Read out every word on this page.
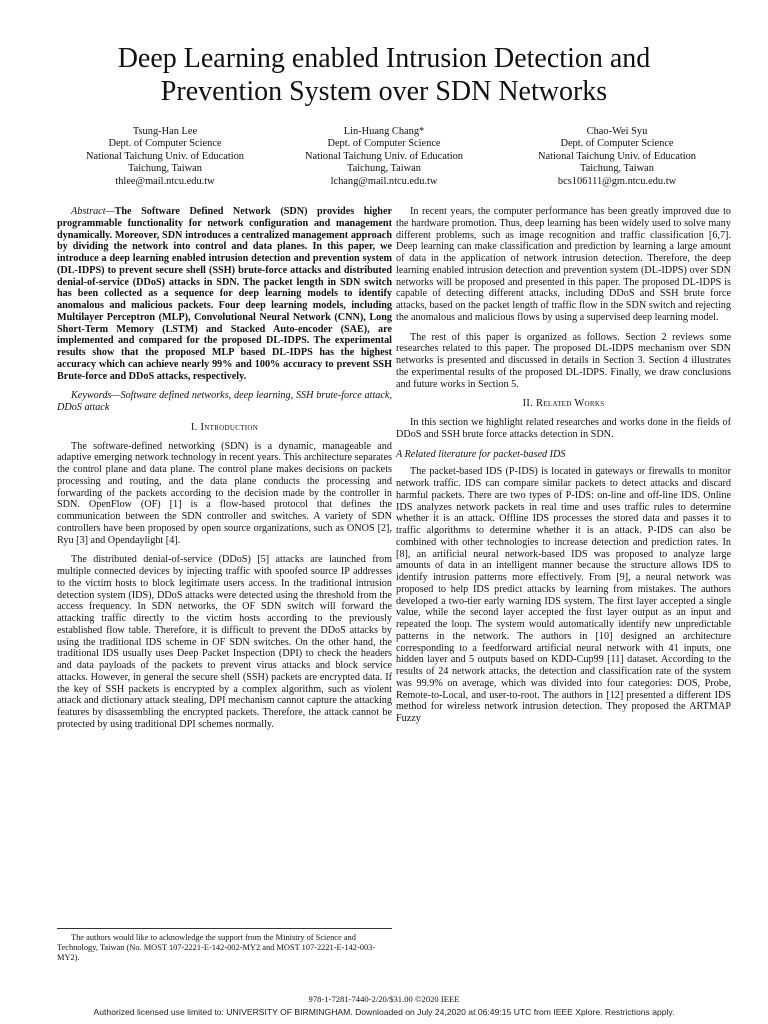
Deep Learning enabled Intrusion Detection and
Prevention System over SDN Networks
Tsung-Han Lee
Dept. of Computer Science
National Taichung Univ. of Education
Taichung, Taiwan
thlee@mail.ntcu.edu.tw
Lin-Huang Chang*
Dept. of Computer Science
National Taichung Univ. of Education
Taichung, Taiwan
lchang@mail.ntcu.edu.tw
Chao-Wei Syu
Dept. of Computer Science
National Taichung Univ. of Education
Taichung, Taiwan
bcs106111@gm.ntcu.edu.tw

Abstract—The Software Defined Network (SDN) provides higher programmable functionality for network configuration and management dynamically. Moreover, SDN introduces a centralized management approach by dividing the network into control and data planes. In this paper, we introduce a deep learning enabled intrusion detection and prevention system (DL-IDPS) to prevent secure shell (SSH) brute-force attacks and distributed denial-of-service (DDoS) attacks in SDN. The packet length in SDN switch has been collected as a sequence for deep learning models to identify anomalous and malicious packets. Four deep learning models, including Multilayer Perceptron (MLP), Convolutional Neural Network (CNN), Long Short-Term Memory (LSTM) and Stacked Auto-encoder (SAE), are implemented and compared for the proposed DL-IDPS. The experimental results show that the proposed MLP based DL-IDPS has the highest accuracy which can achieve nearly 99% and 100% accuracy to prevent SSH Brute-force and DDoS attacks, respectively.

Keywords—Software defined networks, deep learning, SSH brute-force attack, DDoS attack

I. Introduction

The software-defined networking (SDN) is a dynamic, manageable and adaptive emerging network technology in recent years. This architecture separates the control plane and data plane. The control plane makes decisions on packets processing and routing, and the data plane conducts the processing and forwarding of the packets according to the decision made by the controller in SDN. OpenFlow (OF) [1] is a flow-based protocol that defines the communication between the SDN controller and switches. A variety of SDN controllers have been proposed by open source organizations, such as ONOS [2], Ryu [3] and Opendaylight [4].

The distributed denial-of-service (DDoS) [5] attacks are launched from multiple connected devices by injecting traffic with spoofed source IP addresses to the victim hosts to block legitimate users access. In the traditional intrusion detection system (IDS), DDoS attacks were detected using the threshold from the access frequency. In SDN networks, the OF SDN switch will forward the attacking traffic directly to the victim hosts according to the previously established flow table. Therefore, it is difficult to prevent the DDoS attacks by using the traditional IDS scheme in OF SDN switches. On the other hand, the traditional IDS usually uses Deep Packet Inspection (DPI) to check the headers and data payloads of the packets to prevent virus attacks and block service attacks. However, in general the secure shell (SSH) packets are encrypted data. If the key of SSH packets is encrypted by a complex algorithm, such as violent attack and dictionary attack stealing, DPI mechanism cannot capture the attacking features by disassembling the encrypted packets. Therefore, the attack cannot be protected by using traditional DPI schemes normally.

In recent years, the computer performance has been greatly improved due to the hardware promotion. Thus, deep learning has been widely used to solve many different problems, such as image recognition and traffic classification [6,7]. Deep learning can make classification and prediction by learning a large amount of data in the application of network intrusion detection. Therefore, the deep learning enabled intrusion detection and prevention system (DL-IDPS) over SDN networks will be proposed and presented in this paper. The proposed DL-IDPS is capable of detecting different attacks, including DDoS and SSH brute force attacks, based on the packet length of traffic flow in the SDN switch and rejecting the anomalous and malicious flows by using a supervised deep learning model.

The rest of this paper is organized as follows. Section 2 reviews some researches related to this paper. The proposed DL-IDPS mechanism over SDN networks is presented and discussed in details in Section 3. Section 4 illustrates the experimental results of the proposed DL-IDPS. Finally, we draw conclusions and future works in Section 5.

II. Related Works

In this section we highlight related researches and works done in the fields of DDoS and SSH brute force attacks detection in SDN.

A Related literature for packet-based IDS

The packet-based IDS (P-IDS) is located in gateways or firewalls to monitor network traffic. IDS can compare similar packets to detect attacks and discard harmful packets. There are two types of P-IDS: on-line and off-line IDS. Online IDS analyzes network packets in real time and uses traffic rules to determine whether it is an attack. Offline IDS processes the stored data and passes it to traffic algorithms to determine whether it is an attack. P-IDS can also be combined with other technologies to increase detection and prediction rates. In [8], an artificial neural network-based IDS was proposed to analyze large amounts of data in an intelligent manner because the structure allows IDS to identify intrusion patterns more effectively. From [9], a neural network was proposed to help IDS predict attacks by learning from mistakes. The authors developed a two-tier early warning IDS system. The first layer accepted a single value, while the second layer accepted the first layer output as an input and repeated the loop. The system would automatically identify new unpredictable patterns in the network. The authors in [10] designed an architecture corresponding to a feedforward artificial neural network with 41 inputs, one hidden layer and 5 outputs based on KDD-Cup99 [11] dataset. According to the results of 24 network attacks, the detection and classification rate of the system was 99.9% on average, which was divided into four categories: DOS, Probe, Remote-to-Local, and user-to-root. The authors in [12] presented a different IDS method for wireless network intrusion detection. They proposed the ARTMAP Fuzzy

The authors would like to acknowledge the support from the Ministry of Science and Technology, Taiwan (No. MOST 107-2221-E-142-002-MY2 and MOST 107-2221-E-142-003-MY2).
978-1-7281-7440-2/20/$31.00 ©2020 IEEE
Authorized licensed use limited to: UNIVERSITY OF BIRMINGHAM. Downloaded on July 24,2020 at 06:49:15 UTC from IEEE Xplore. Restrictions apply.
